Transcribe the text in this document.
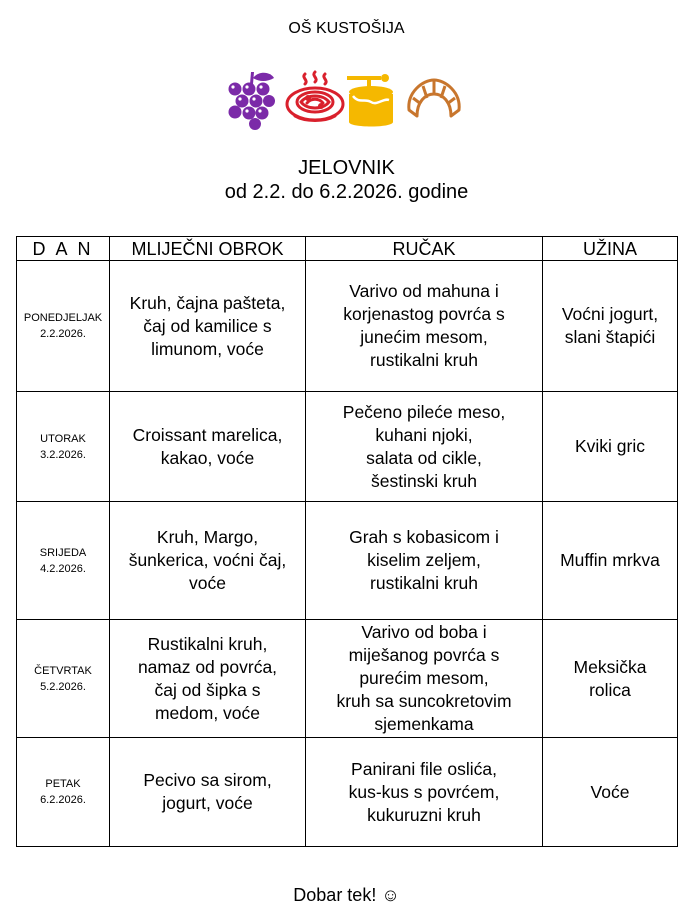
OŠ KUSTOŠIJA
JELOVNIK
od 2.2. do 6.2.2026. godine
D A N	MLIJEČNI OBROK	RUČAK	UŽINA
PONEDJELJAK
2.2.2026.	Kruh, čajna pašteta,
čaj od kamilice s
limunom, voće	Varivo od mahuna i
korjenastog povrća s
junećim mesom,
rustikalni kruh	Voćni jogurt,
slani štapići
UTORAK
3.2.2026.	Croissant marelica,
kakao, voće	Pečeno pileće meso,
kuhani njoki,
salata od cikle,
šestinski kruh	Kviki gric
SRIJEDA
4.2.2026.	Kruh, Margo,
šunkerica, voćni čaj,
voće	Grah s kobasicom i
kiselim zeljem,
rustikalni kruh	Muffin mrkva
ČETVRTAK
5.2.2026.	Rustikalni kruh,
namaz od povrća,
čaj od šipka s
medom, voće	Varivo od boba i
miješanog povrća s
purećim mesom,
kruh sa suncokretovim
sjemenkama	Meksička
rolica
PETAK
6.2.2026.	Pecivo sa sirom,
jogurt, voće	Panirani file oslića,
kus-kus s povrćem,
kukuruzni kruh	Voće
Dobar tek! ☺
